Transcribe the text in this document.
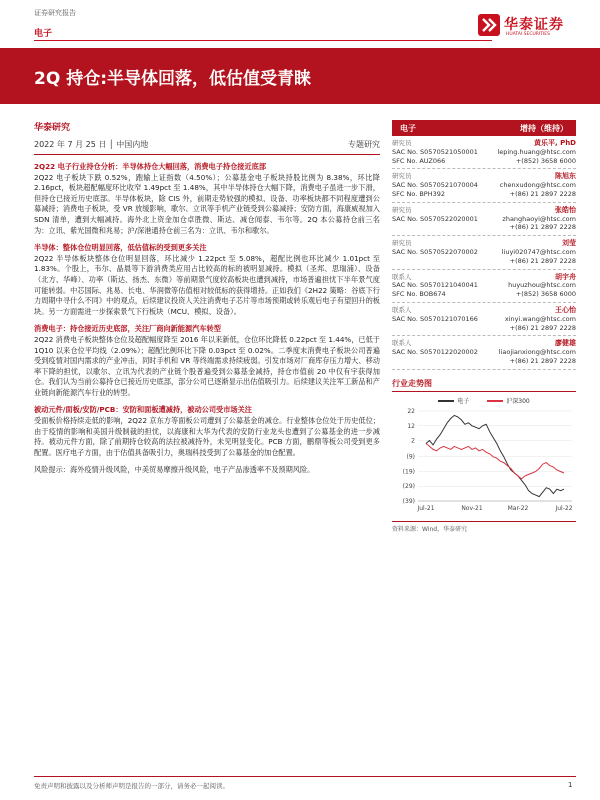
证券研究报告
电子
华泰证券
HUATAI SECURITIES
2Q 持仓:半导体回落，低估值受青睐
华泰研究
2022 年 7 月 25 日 │ 中国内地	专题研究
2Q22 电子行业持仓分析：半导体持仓大幅回落，消费电子持仓接近底部
2Q22 电子板块下跌 0.52%，跑输上证指数（4.50%）；公募基金电子板块持股比例为 8.38%，环比降 2.16pct，板块超配幅度环比收窄 1.49pct 至 1.48%，其中半导体持仓大幅下降，消费电子虽进一步下滑，但持仓已接近历史底部。半导体板块，除 CIS 外，前期走势较强的模拟、设备、功率板块都不同程度遭到公募减持；消费电子板块，受 VR 放缓影响，歌尔、立讯等手机产业链受到公募减持；安防方面，海康威视加入 SDN 清单，遭到大幅减持。海外北上资金加仓卓胜微、斯达、减仓闻泰、韦尔等。2Q 本公募持仓前三名为：立讯、紫光国微和兆易；沪/深港通持仓前三名为：立讯、韦尔和歌尔。
半导体：整体仓位明显回落，低估值标的受到更多关注
2Q22 半导体板块整体仓位明显回落，环比减少 1.22pct 至 5.08%，超配比例也环比减少 1.01pct 至 1.83%。个股上，韦尔、晶晨等下游消费类应用占比较高的标的被明显减持。模拟（圣邦、思瑞浦）、设备（北方、华峰）、功率（斯达、扬杰、东微）等前期景气度较高板块也遭到减持，市场普遍担忧下半年景气度可能转弱。中芯国际、兆易、长电、华润微等估值相对较低标的获得增持。正如我们《2H22 策略：谷底下行力周期中寻什么不同》中的观点，后续建议投资人关注消费电子芯片等市场预期或转乐观后电子有望回升的板块。另一方面需进一步探索景气下行板块（MCU、模拟、设备）。
消费电子：持仓接近历史底部，关注厂商向新能源汽车转型
2Q22 消费电子板块整体仓位及超配幅度降至 2016 年以来新低，仓位环比降低 0.22pct 至 1.44%，已低于 1Q10 以来仓位平均线（2.09%）；超配比例环比下降 0.03pct 至 0.02%。二季度末消费电子板块公司普遍受到疫情对国内需求的产业冲击，同时手机和 VR 等终端需求持续疲弱。引发市场对厂商库存压力增大、移动率下降的担忧，以歌尔、立讯为代表的产业链个股普遍受到公募基金减持，持仓市值前 20 中仅有宇获得加仓。我们认为当前公募持仓已接近历史底部，部分公司已逐渐显示出估值吸引力。后续建议关注军工新品和产业链向新能源汽车行业的转型。
被动元件/面板/安防/PCB：安防和面板遭减持，被动公司受市场关注
受面板价格持续走低的影响，2Q22 京东方等面板公司遭到了公募基金的减仓。行业整体仓位处于历史低位；由于疫情的影响和美国升级制裁的担忧，以海康和大华为代表的安防行业龙头也遭到了公募基金的进一步减持。被动元件方面，除了前期持仓较高的法拉被减持外，未见明显变化。PCB 方面，鹏鼎等板公司受到更多配置。医疗电子方面，由于估值具备吸引力，奥瑞科技受到了公募基金的加仓配置。
风险提示：海外疫情升级风险，中美贸易摩擦升级风险，电子产品渗透率不及预期风险。
电子	增持（维持）
研究员	黄乐平, PhD
SAC No. S0570521050001	leping.huang@htsc.com
SFC No. AUZ066	+(852) 3658 6000
研究员	陈旭东
SAC No. S0570521070004	chenxudong@htsc.com
SFC No. BPH392	+(86) 21 2897 2228
研究员	张皓怡
SAC No. S0570522020001	zhanghaoyi@htsc.com
+(86) 21 2897 2228
研究员	刘莹
SAC No. S0570522070002	liuyi020747@htsc.com
+(86) 21 2897 2228
联系人	胡宇舟
SAC No. S0570121040041	huyuzhou@htsc.com
SFC No. BOB674	+(852) 3658 6000
联系人	王心怡
SAC No. S0570121070166	xinyi.wang@htsc.com
+(86) 21 2897 2228
联系人	廖健雄
SAC No. S0570122020002	liaojianxiong@htsc.com
+(86) 21 2897 2228
行业走势图
电子	沪深300
22
12
2
(9)
(19)
(29)
(39)
Jul-21	Nov-21	Mar-22	Jul-22
资料来源：Wind，华泰研究
免责声明和披露以及分析师声明是报告的一部分，请务必一起阅读。	1
